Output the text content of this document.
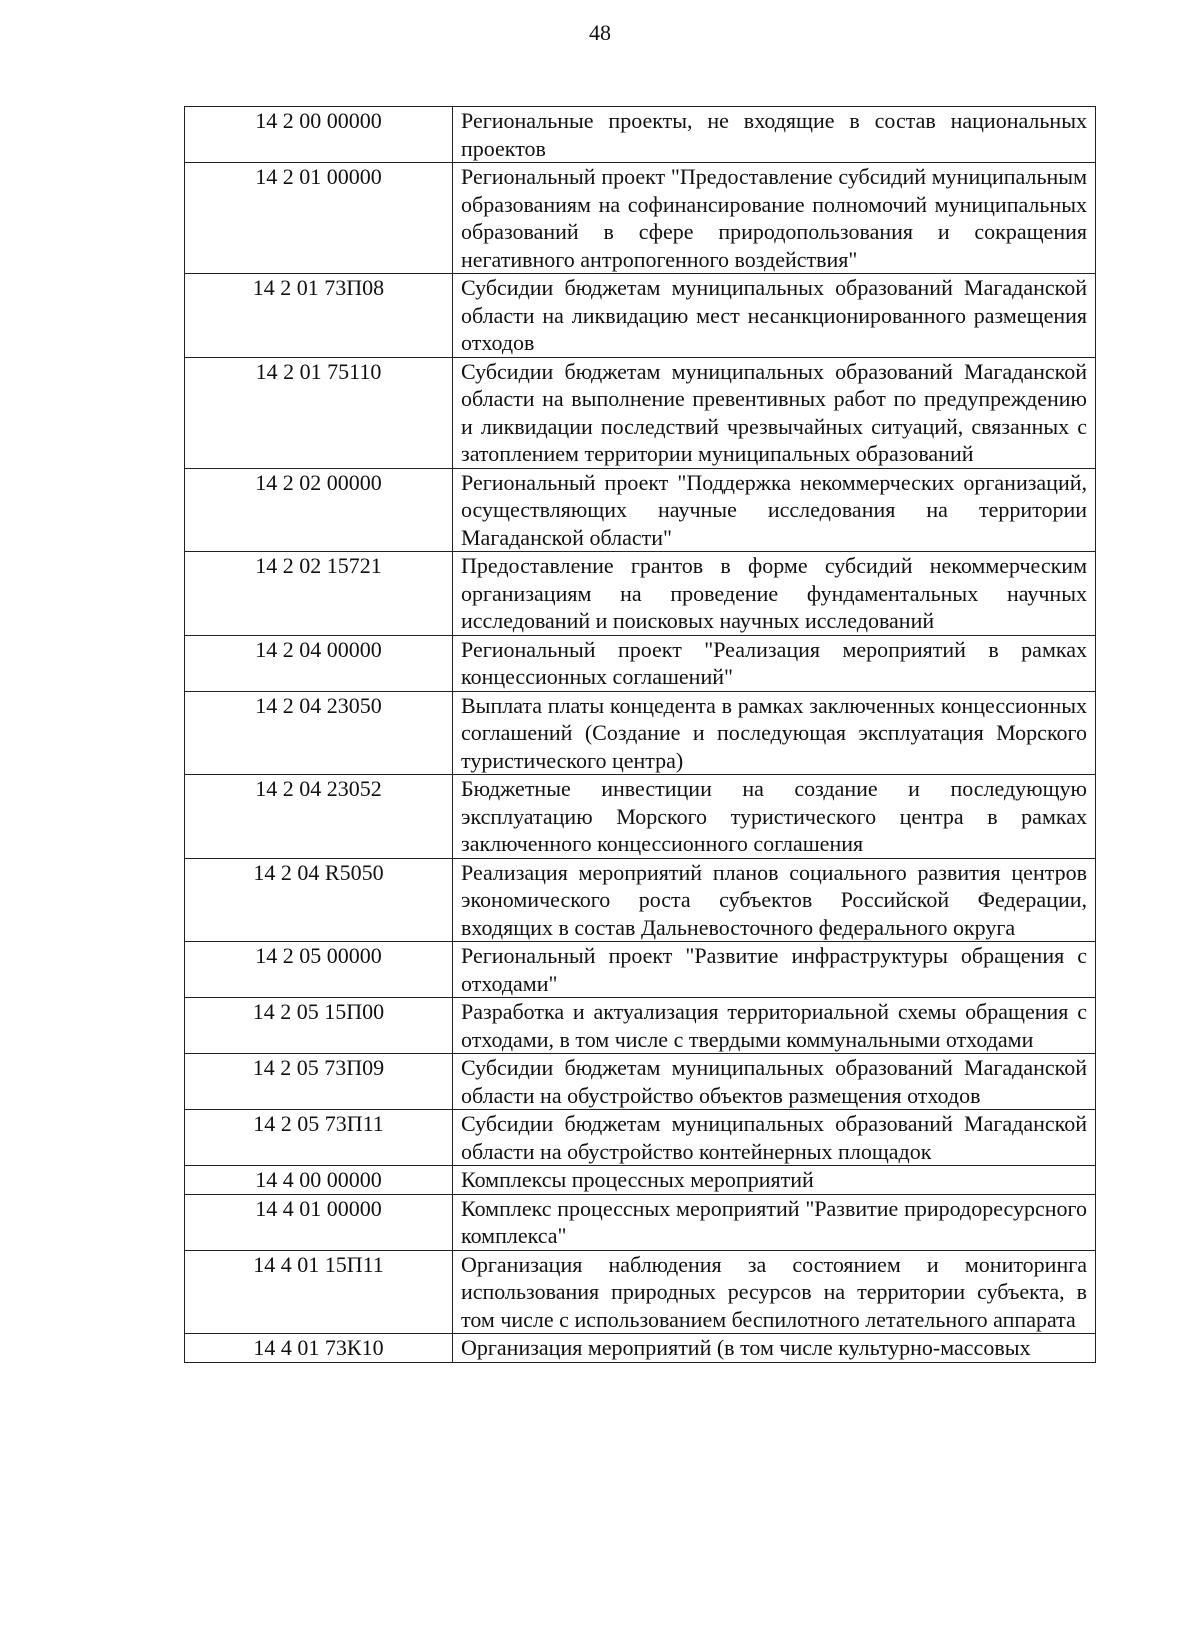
48
14 2 00 00000	Региональные проекты, не входящие в состав национальных проектов
14 2 01 00000	Региональный проект "Предоставление субсидий муниципальным образованиям на софинансирование полномочий муниципальных образований в сфере природопользования и сокращения негативного антропогенного воздействия"
14 2 01 73П08	Субсидии бюджетам муниципальных образований Магаданской области на ликвидацию мест несанкционированного размещения отходов
14 2 01 75110	Субсидии бюджетам муниципальных образований Магаданской области на выполнение превентивных работ по предупреждению и ликвидации последствий чрезвычайных ситуаций, связанных с затоплением территории муниципальных образований
14 2 02 00000	Региональный проект "Поддержка некоммерческих организаций, осуществляющих научные исследования на территории Магаданской области"
14 2 02 15721	Предоставление грантов в форме субсидий некоммерческим организациям на проведение фундаментальных научных исследований и поисковых научных исследований
14 2 04 00000	Региональный проект "Реализация мероприятий в рамках концессионных соглашений"
14 2 04 23050	Выплата платы концедента в рамках заключенных концессионных соглашений (Создание и последующая эксплуатация Морского туристического центра)
14 2 04 23052	Бюджетные инвестиции на создание и последующую эксплуатацию Морского туристического центра в рамках заключенного концессионного соглашения
14 2 04 R5050	Реализация мероприятий планов социального развития центров экономического роста субъектов Российской Федерации, входящих в состав Дальневосточного федерального округа
14 2 05 00000	Региональный проект "Развитие инфраструктуры обращения с отходами"
14 2 05 15П00	Разработка и актуализация территориальной схемы обращения с отходами, в том числе с твердыми коммунальными отходами
14 2 05 73П09	Субсидии бюджетам муниципальных образований Магаданской области на обустройство объектов размещения отходов
14 2 05 73П11	Субсидии бюджетам муниципальных образований Магаданской области на обустройство контейнерных площадок
14 4 00 00000	Комплексы процессных мероприятий
14 4 01 00000	Комплекс процессных мероприятий "Развитие природоресурсного комплекса"
14 4 01 15П11	Организация наблюдения за состоянием и мониторинга использования природных ресурсов на территории субъекта, в том числе с использованием беспилотного летательного аппарата
14 4 01 73К10	Организация мероприятий (в том числе культурно-массовых
